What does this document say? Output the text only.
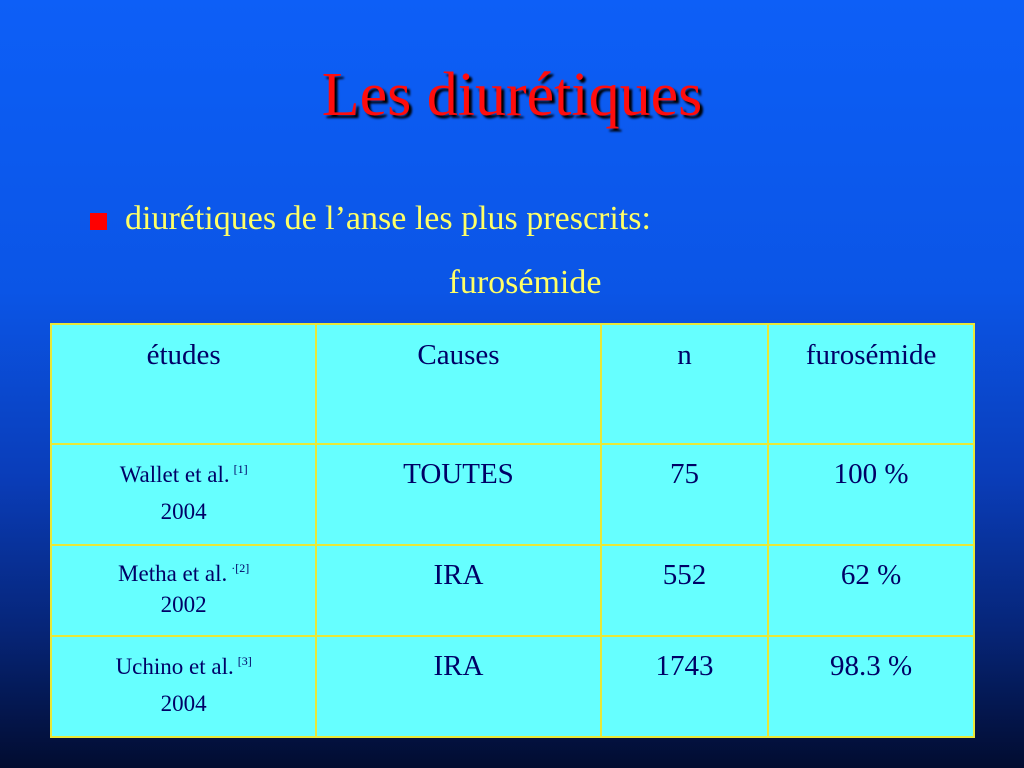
Les diurétiques
diurétiques de l’anse les plus prescrits:
furosémide
études	Causes	n	furosémide
Wallet et al. [1]
2004	TOUTES	75	100 %
Metha et al. $^{\cdot[2]}$
2002	IRA	552	62 %
Uchino et al. [3]
2004	IRA	1743	98.3 %
